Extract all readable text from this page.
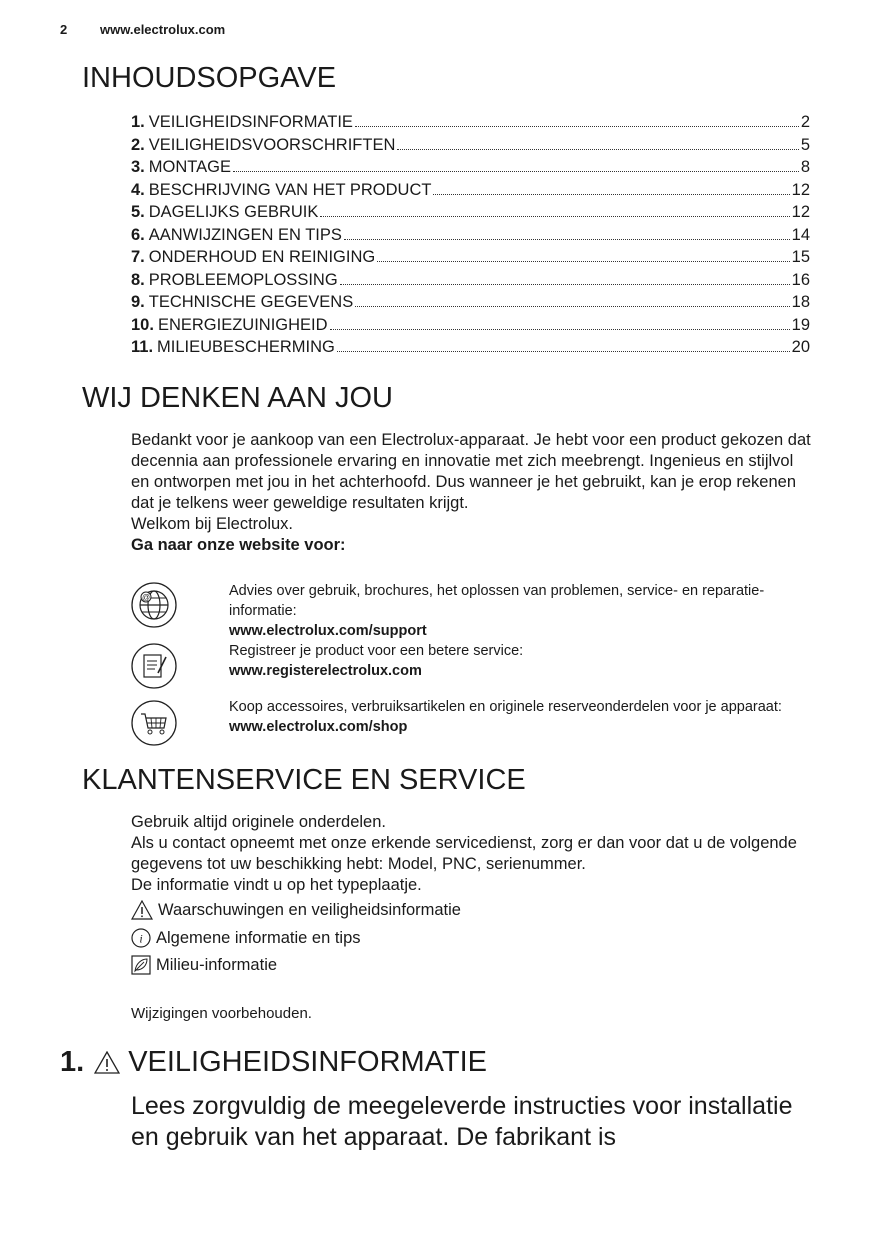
2	www.electrolux.com
INHOUDSOPGAVE
1. VEILIGHEIDSINFORMATIE	2
2. VEILIGHEIDSVOORSCHRIFTEN	5
3. MONTAGE	8
4. BESCHRIJVING VAN HET PRODUCT	12
5. DAGELIJKS GEBRUIK	12
6. AANWIJZINGEN EN TIPS	14
7. ONDERHOUD EN REINIGING	15
8. PROBLEEMOPLOSSING	16
9. TECHNISCHE GEGEVENS	18
10. ENERGIEZUINIGHEID	19
11. MILIEUBESCHERMING	20
WIJ DENKEN AAN JOU

Bedankt voor je aankoop van een Electrolux-apparaat. Je hebt voor een product gekozen dat decennia aan professionele ervaring en innovatie met zich meebrengt. Ingenieus en stijlvol en ontworpen met jou in het achterhoofd. Dus wanneer je het gebruikt, kan je erop rekenen dat je telkens weer geweldige resultaten krijgt.

Welkom bij Electrolux.

Ga naar onze website voor:

@	Advies over gebruik, brochures, het oplossen van problemen, service- en reparatie-informatie:
www.electrolux.com/support
Registreer je product voor een betere service:
www.registerelectrolux.com
Koop accessoires, verbruiksartikelen en originele reserveonderdelen voor je apparaat:
www.electrolux.com/shop
KLANTENSERVICE EN SERVICE

Gebruik altijd originele onderdelen.

Als u contact opneemt met onze erkende servicedienst, zorg er dan voor dat u de volgende gegevens tot uw beschikking hebt: Model, PNC, serienummer.

De informatie vindt u op het typeplaatje.

Waarschuwingen en veiligheidsinformatie
i Algemene informatie en tips
Milieu-informatie
Wijzigingen voorbehouden.
1. VEILIGHEIDSINFORMATIE
Lees zorgvuldig de meegeleverde instructies voor installatie en gebruik van het apparaat. De fabrikant is
